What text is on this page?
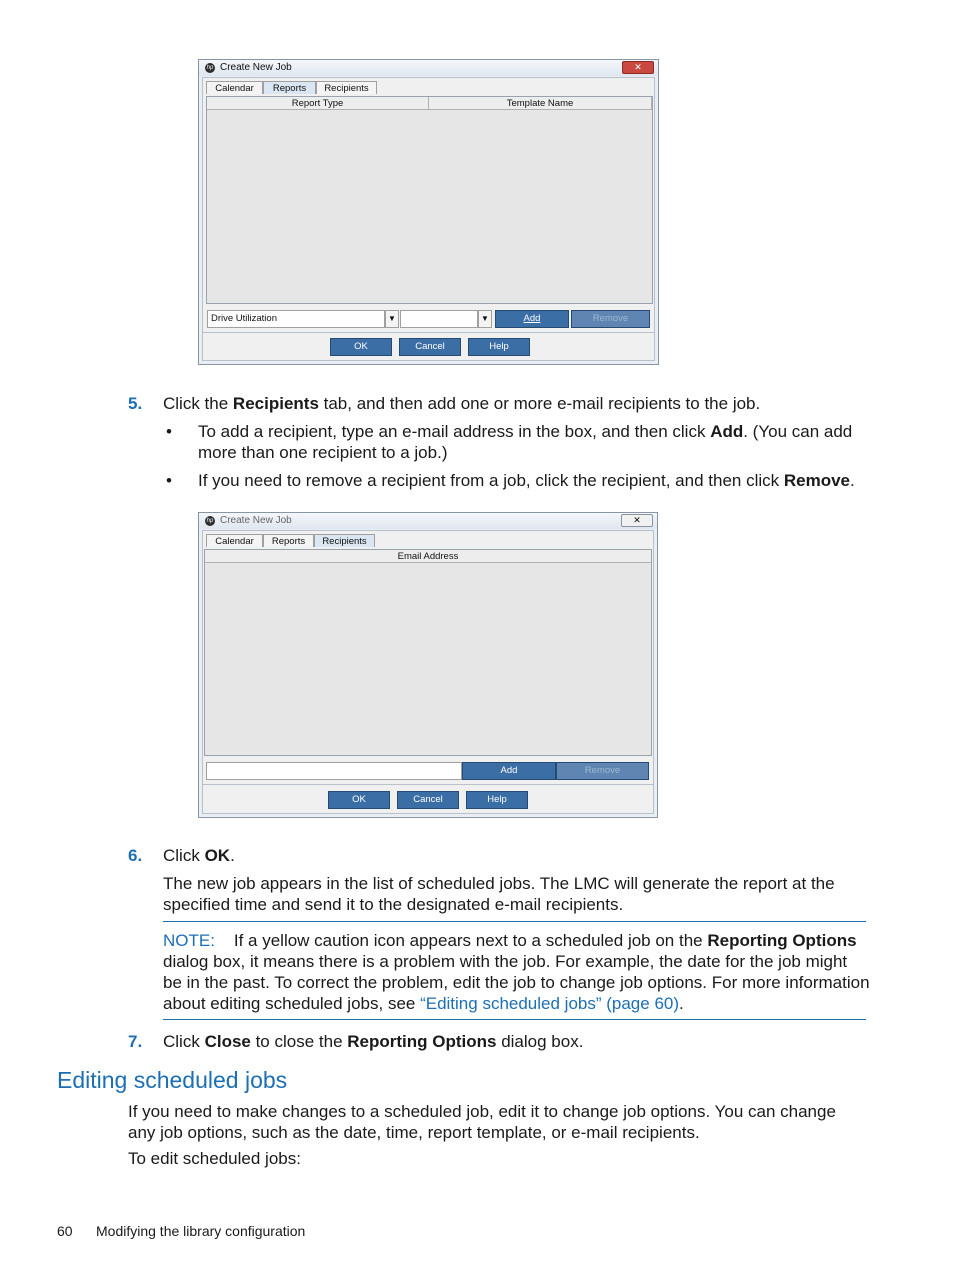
hp Create New Job	✕
Calendar	Reports	Recipients
Report Type	Template Name
Drive Utilization	▼	▼	Add	Remove
OK	Cancel	Help
5. Click the Recipients tab, and then add one or more e-mail recipients to the job.
• To add a recipient, type an e-mail address in the box, and then click Add. (You can add
more than one recipient to a job.)
• If you need to remove a recipient from a job, click the recipient, and then click Remove.
hp Create New Job	✕
Calendar	Reports	Recipients
Email Address
Add	Remove
OK	Cancel	Help
6. Click OK.
The new job appears in the list of scheduled jobs. The LMC will generate the report at the
specified time and send it to the designated e-mail recipients.
NOTE: If a yellow caution icon appears next to a scheduled job on the Reporting Options
dialog box, it means there is a problem with the job. For example, the date for the job might
be in the past. To correct the problem, edit the job to change job options. For more information
about editing scheduled jobs, see “Editing scheduled jobs” (page 60).
7. Click Close to close the Reporting Options dialog box.
Editing scheduled jobs
If you need to make changes to a scheduled job, edit it to change job options. You can change
any job options, such as the date, time, report template, or e-mail recipients.
To edit scheduled jobs:
60 Modifying the library configuration
